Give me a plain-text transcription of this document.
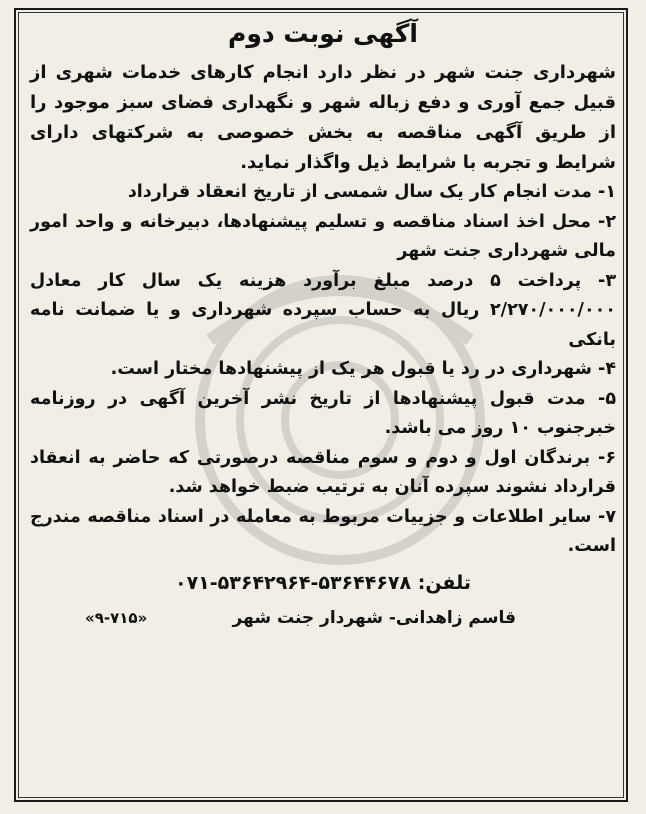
آگهی نوبت دوم

شهرداری جنت شهر در نظر دارد انجام کارهای خدمات شهری از قبیل جمع آوری و دفع زباله شهر و نگهداری فضای سبز موجود را از طریق آگهی مناقصه به بخش خصوصی به شرکتهای دارای شرایط و تجربه با شرایط ذیل واگذار نماید.

۱- مدت انجام کار یک سال شمسی از تاریخ انعقاد قرارداد

۲- محل اخذ اسناد مناقصه و تسلیم پیشنهادها، دبیرخانه و واحد امور مالی شهرداری جنت شهر

۳- پرداخت ۵ درصد مبلغ برآورد هزینه یک سال کار معادل ۲/۲۷۰/۰۰۰/۰۰۰ ریال به حساب سپرده شهرداری و یا ضمانت نامه بانکی

۴- شهرداری در رد یا قبول هر یک از پیشنهادها مختار است.

۵- مدت قبول پیشنهادها از تاریخ نشر آخرین آگهی در روزنامه خبرجنوب ۱۰ روز می باشد.

۶- برندگان اول و دوم و سوم مناقصه درصورتی که حاضر به انعقاد قرارداد نشوند سپرده آنان به ترتیب ضبط خواهد شد.

۷- سایر اطلاعات و جزییات مربوط به معامله در اسناد مناقصه مندرج است.

تلفن: ۵۳۶۴۴۶۷۸-۵۳۶۴۲۹۶۴-۰۷۱
قاسم زاهدانی- شهردار جنت شهر
«۹-۷۱۵»
